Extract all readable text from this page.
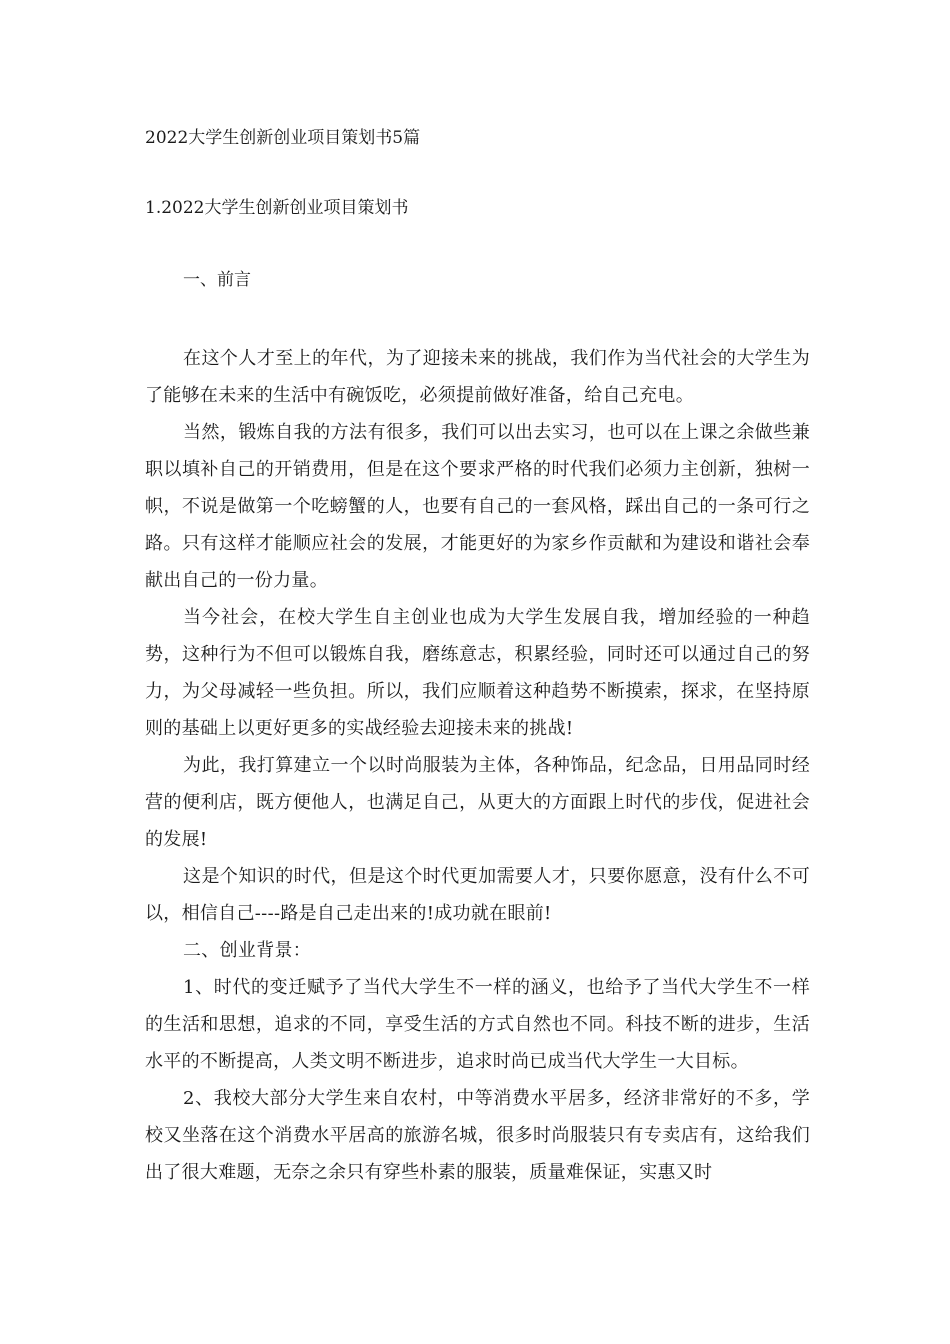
2022大学生创新创业项目策划书5篇
1.2022大学生创新创业项目策划书
一、前言

在这个人才至上的年代，为了迎接未来的挑战，我们作为当代社会的大学生为了能够在未来的生活中有碗饭吃，必须提前做好准备，给自己充电。

当然，锻炼自我的方法有很多，我们可以出去实习，也可以在上课之余做些兼 职以填补自己的开销费用，但是在这个要求严格的时代我们必须力主创新，独树一帜，不说是做第一个吃螃蟹的人，也要有自己的一套风格，踩出自己的一条可行之路。只有这样才能顺应社会的发展，才能更好的为家乡作贡献和为建设和谐社会奉献出自己的一份力量。

当今社会，在校大学生自主创业也成为大学生发展自我，增加经验的一种趋势，这种行为不但可以锻炼自我，磨练意志，积累经验，同时还可以通过自己的努力，为父母减轻一些负担。所以，我们应顺着这种趋势不断摸索，探求，在坚持原则的基础上以更好更多的实战经验去迎接未来的挑战!

为此，我打算建立一个以时尚服装为主体，各种饰品，纪念品，日用品同时经营的便利店，既方便他人，也满足自己，从更大的方面跟上时代的步伐，促进社会的发展!

这是个知识的时代，但是这个时代更加需要人才，只要你愿意，没有什么不可以，相信自己----路是自己走出来的!成功就在眼前!

二、创业背景：

1、时代的变迁赋予了当代大学生不一样的涵义，也给予了当代大学生不一样的生活和思想，追求的不同，享受生活的方式自然也不同。科技不断的进步，生活水平的不断提高，人类文明不断进步，追求时尚已成当代大学生一大目标。

2、我校大部分大学生来自农村，中等消费水平居多，经济非常好的不多，学校又坐落在这个消费水平居高的旅游名城，很多时尚服装只有专卖店有，这给我们出了很大难题，无奈之余只有穿些朴素的服装，质量难保证，实惠又时
